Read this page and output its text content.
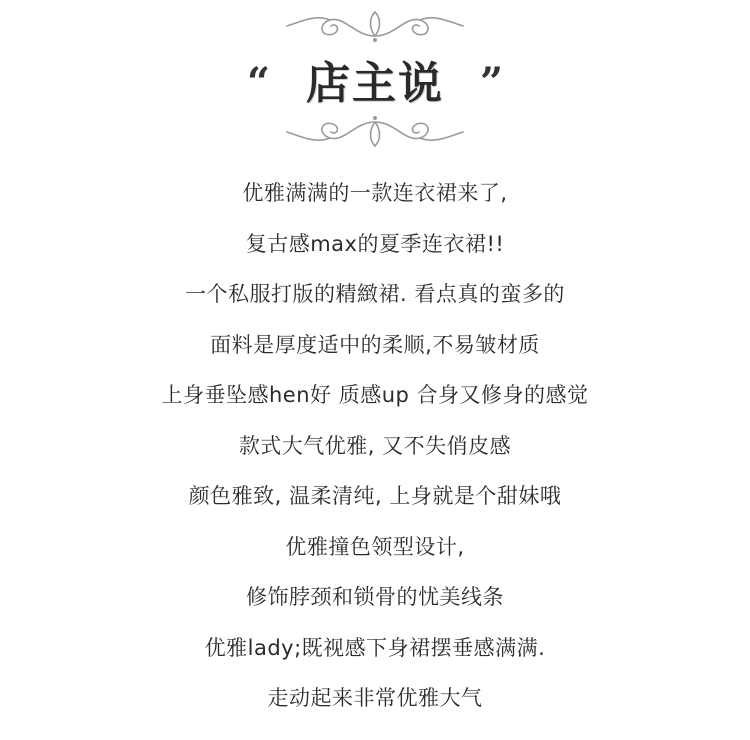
“ 店主说 ”
优雅满满的一款连衣裙来了,
复古感max的夏季连衣裙!!
一个私服打版的精緻裙. 看点真的蛮多的
面料是厚度适中的柔顺,不易皱材质
上身垂坠感hen好 质感up 合身又修身的感觉
款式大气优雅, 又不失俏皮感
颜色雅致, 温柔清纯, 上身就是个甜妹哦
优雅撞色领型设计,
修饰脖颈和锁骨的忧美线条
优雅lady;既视感下身裙摆垂感满满.
走动起来非常优雅大气
